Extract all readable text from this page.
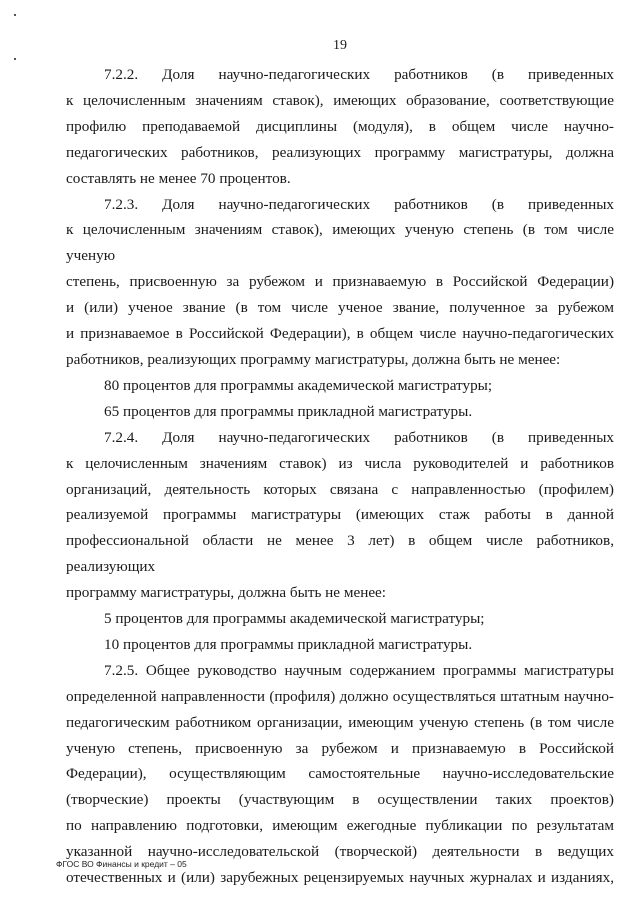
19
7.2.2. Доля научно-педагогических работников (в приведенных
к целочисленным значениям ставок), имеющих образование, соответствующие
профилю преподаваемой дисциплины (модуля), в общем числе научно-
педагогических работников, реализующих программу магистратуры, должна
составлять не менее 70 процентов.
7.2.3. Доля научно-педагогических работников (в приведенных
к целочисленным значениям ставок), имеющих ученую степень (в том числе ученую
степень, присвоенную за рубежом и признаваемую в Российской Федерации)
и (или) ученое звание (в том числе ученое звание, полученное за рубежом
и признаваемое в Российской Федерации), в общем числе научно-педагогических
работников, реализующих программу магистратуры, должна быть не менее:

80 процентов для программы академической магистратуры;

65 процентов для программы прикладной магистратуры.

7.2.4. Доля научно-педагогических работников (в приведенных
к целочисленным значениям ставок) из числа руководителей и работников
организаций, деятельность которых связана с направленностью (профилем)
реализуемой программы магистратуры (имеющих стаж работы в данной
профессиональной области не менее 3 лет) в общем числе работников, реализующих
программу магистратуры, должна быть не менее:

5 процентов для программы академической магистратуры;

10 процентов для программы прикладной магистратуры.

7.2.5. Общее руководство научным содержанием программы магистратуры
определенной направленности (профиля) должно осуществляться штатным научно-
педагогическим работником организации, имеющим ученую степень (в том числе
ученую степень, присвоенную за рубежом и признаваемую в Российской
Федерации), осуществляющим самостоятельные научно-исследовательские
(творческие) проекты (участвующим в осуществлении таких проектов)
по направлению подготовки, имеющим ежегодные публикации по результатам
указанной научно-исследовательской (творческой) деятельности в ведущих
отечественных и (или) зарубежных рецензируемых научных журналах и изданиях,
ФГОС ВО Финансы и кредит – 05
